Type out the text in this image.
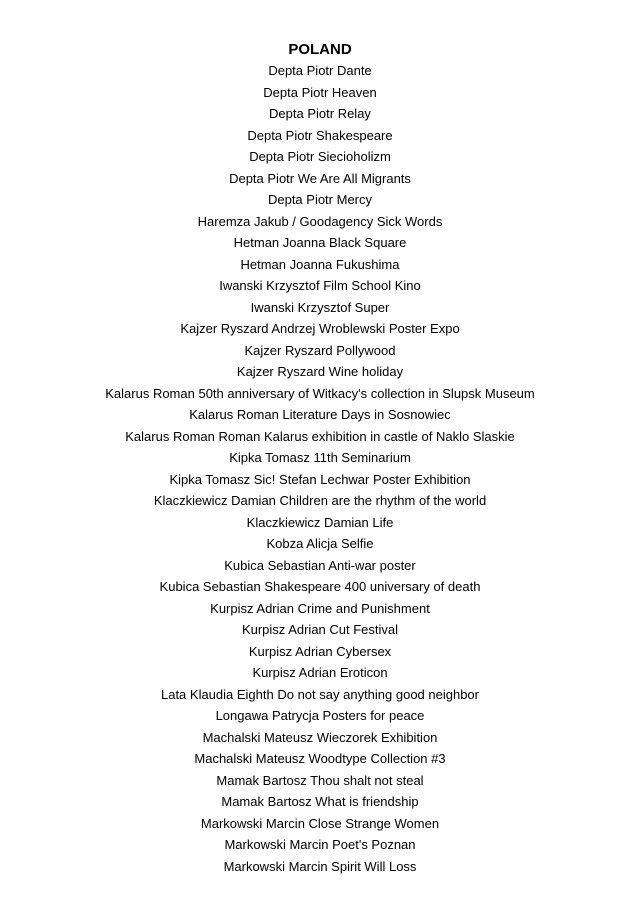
POLAND
Depta Piotr Dante
Depta Piotr Heaven
Depta Piotr Relay
Depta Piotr Shakespeare
Depta Piotr Siecioholizm
Depta Piotr We Are All Migrants
Depta Piotr Mercy
Haremza Jakub / Goodagency Sick Words
Hetman Joanna Black Square
Hetman Joanna Fukushima
Iwanski Krzysztof Film School Kino
Iwanski Krzysztof Super
Kajzer Ryszard Andrzej Wroblewski Poster Expo
Kajzer Ryszard Pollywood
Kajzer Ryszard Wine holiday
Kalarus Roman 50th anniversary of Witkacy's collection in Slupsk Museum
Kalarus Roman Literature Days in Sosnowiec
Kalarus Roman Roman Kalarus exhibition in castle of Naklo Slaskie
Kipka Tomasz 11th Seminarium
Kipka Tomasz Sic! Stefan Lechwar Poster Exhibition
Klaczkiewicz Damian Children are the rhythm of the world
Klaczkiewicz Damian Life
Kobza Alicja Selfie
Kubica Sebastian Anti-war poster
Kubica Sebastian Shakespeare 400 universary of death
Kurpisz Adrian Crime and Punishment
Kurpisz Adrian Cut Festival
Kurpisz Adrian Cybersex
Kurpisz Adrian Eroticon
Lata Klaudia Eighth Do not say anything good neighbor
Longawa Patrycja Posters for peace
Machalski Mateusz Wieczorek Exhibition
Machalski Mateusz Woodtype Collection #3
Mamak Bartosz Thou shalt not steal
Mamak Bartosz What is friendship
Markowski Marcin Close Strange Women
Markowski Marcin Poet's Poznan
Markowski Marcin Spirit Will Loss
